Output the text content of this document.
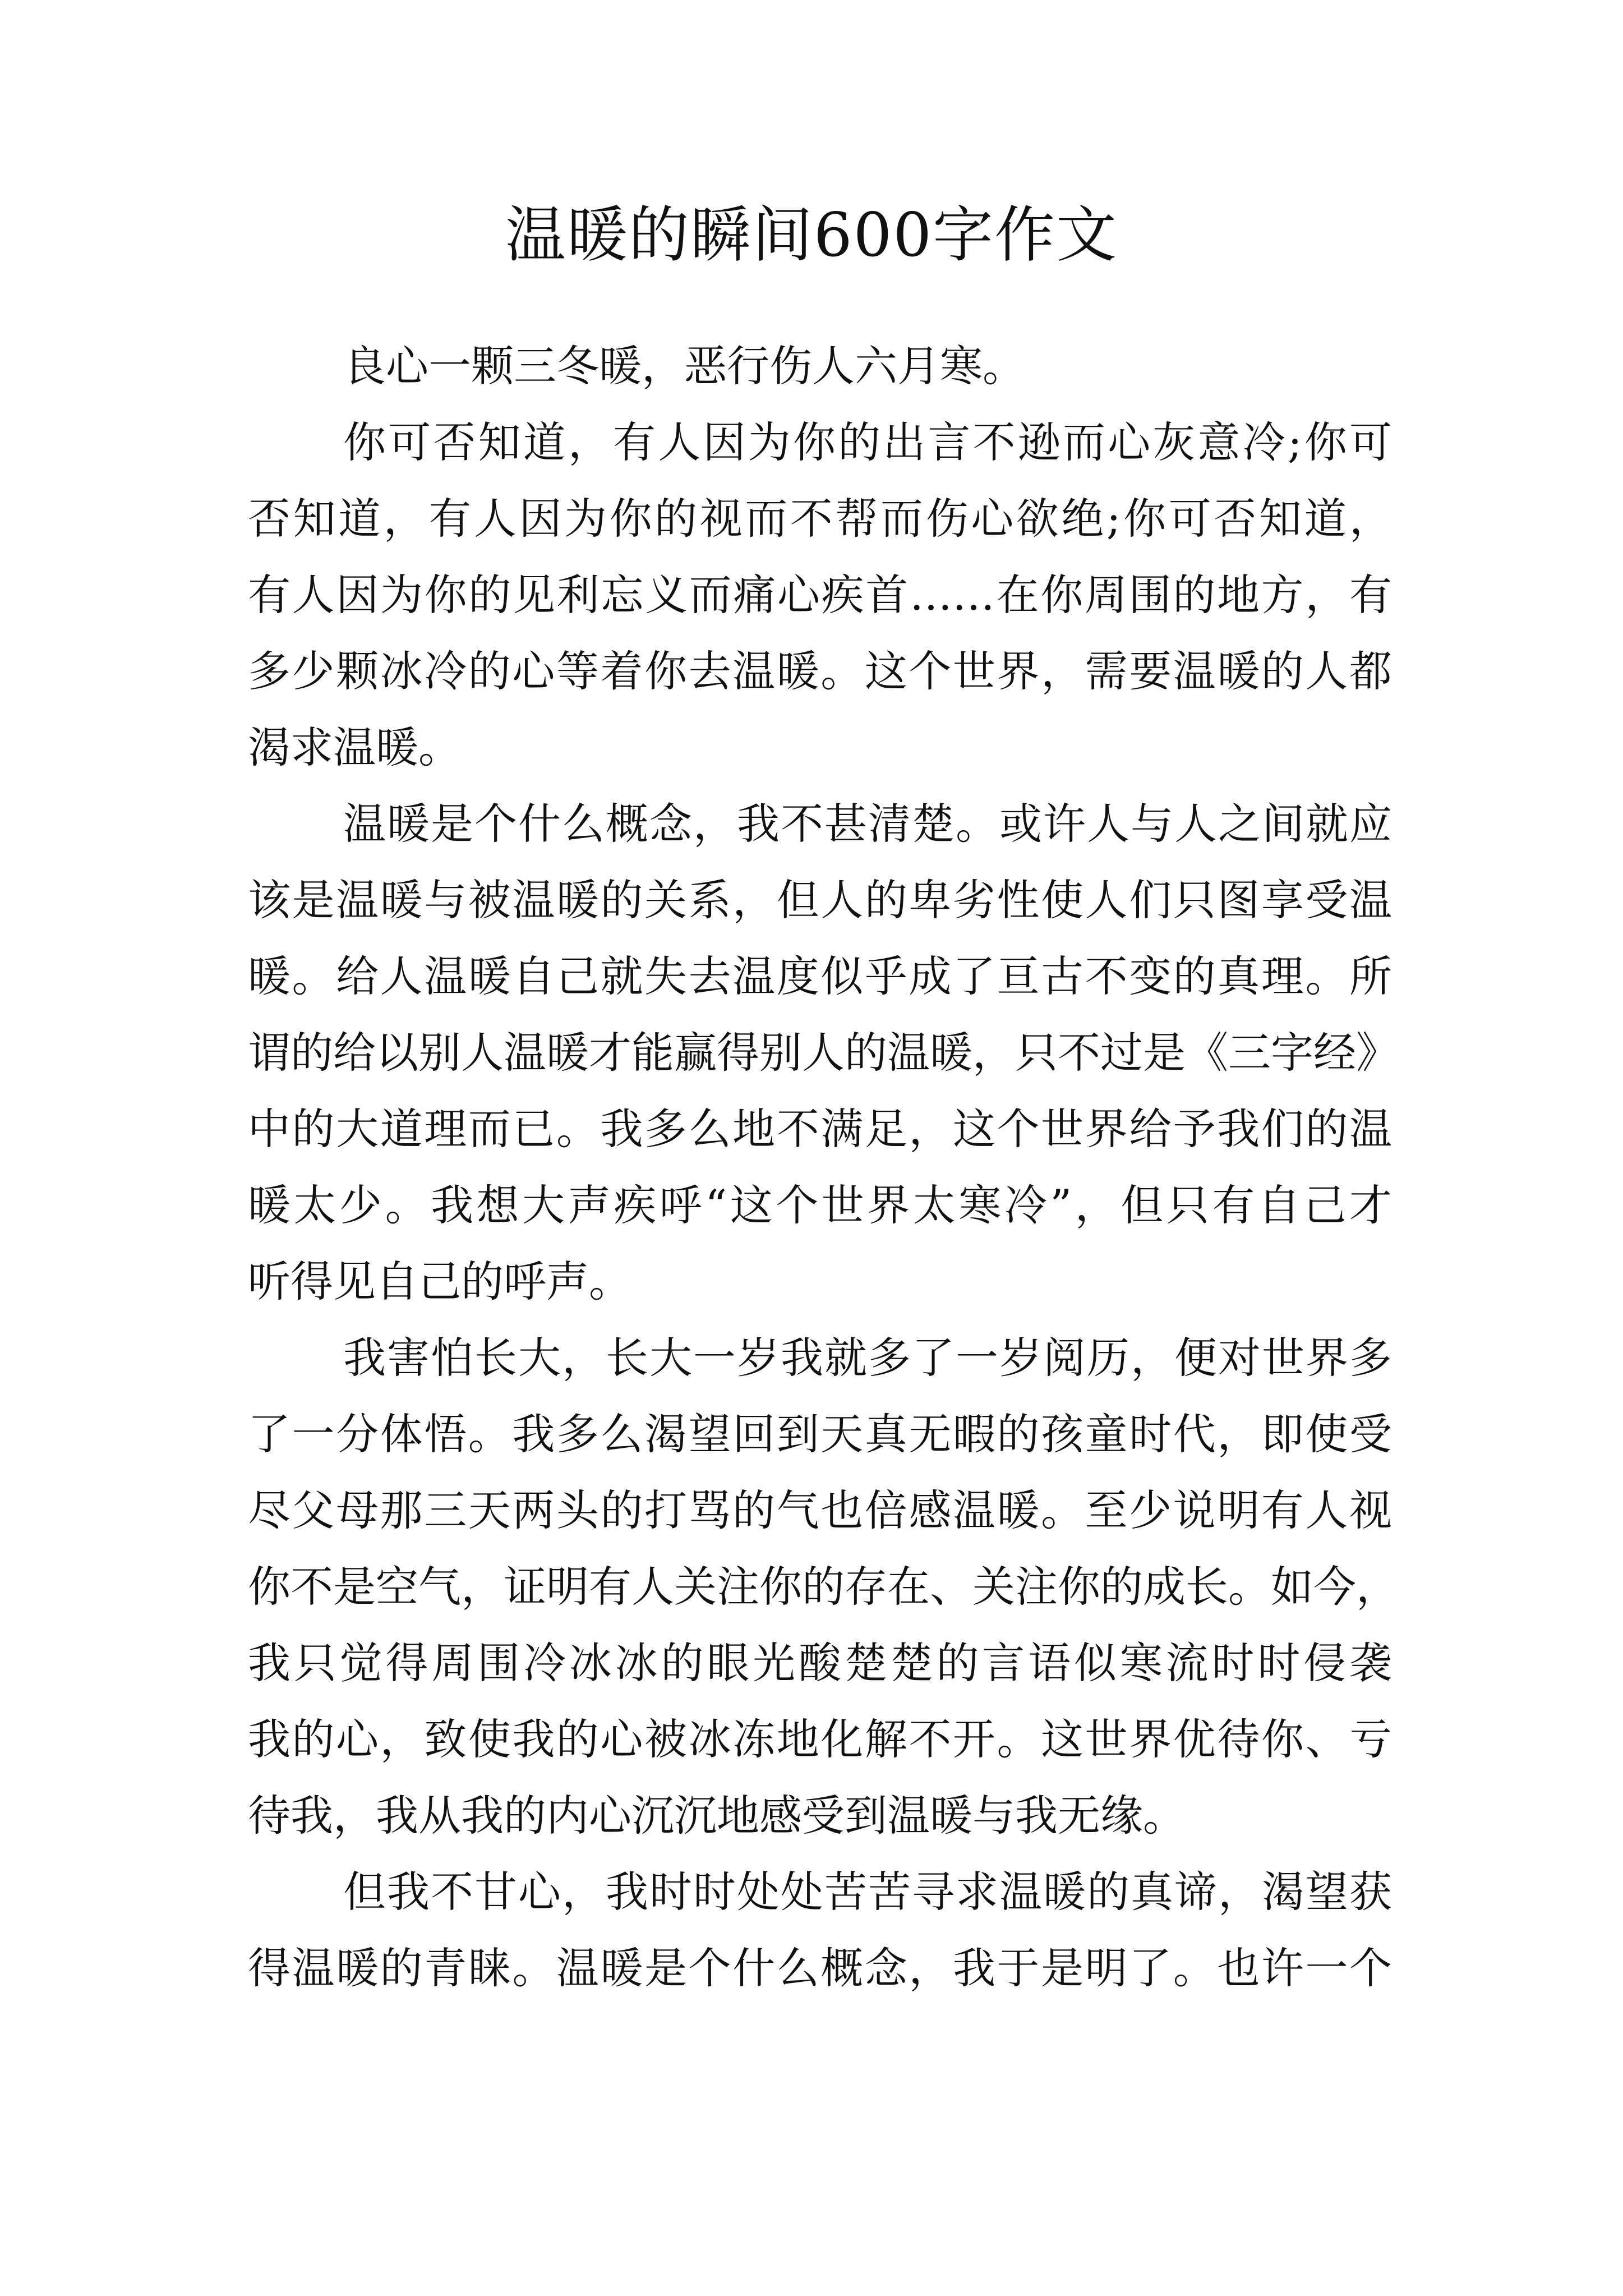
温暖的瞬间600字作文
良心一颗三冬暖，恶行伤人六月寒。
你可否知道，有人因为你的出言不逊而心灰意冷;你可
否知道，有人因为你的视而不帮而伤心欲绝;你可否知道，
有人因为你的见利忘义而痛心疾首……在你周围的地方，有
多少颗冰冷的心等着你去温暖。这个世界，需要温暖的人都
渴求温暖。
温暖是个什么概念，我不甚清楚。或许人与人之间就应
该是温暖与被温暖的关系，但人的卑劣性使人们只图享受温
暖。给人温暖自己就失去温度似乎成了亘古不变的真理。所
谓的给以别人温暖才能赢得别人的温暖，只不过是《三字经》
中的大道理而已。我多么地不满足，这个世界给予我们的温
暖太少。我想大声疾呼“这个世界太寒冷”，但只有自己才
听得见自己的呼声。
我害怕长大，长大一岁我就多了一岁阅历，便对世界多
了一分体悟。我多么渴望回到天真无暇的孩童时代，即使受
尽父母那三天两头的打骂的气也倍感温暖。至少说明有人视
你不是空气，证明有人关注你的存在、关注你的成长。如今，
我只觉得周围冷冰冰的眼光酸楚楚的言语似寒流时时侵袭
我的心，致使我的心被冰冻地化解不开。这世界优待你、亏
待我，我从我的内心沉沉地感受到温暖与我无缘。
但我不甘心，我时时处处苦苦寻求温暖的真谛，渴望获
得温暖的青睐。温暖是个什么概念，我于是明了。也许一个
